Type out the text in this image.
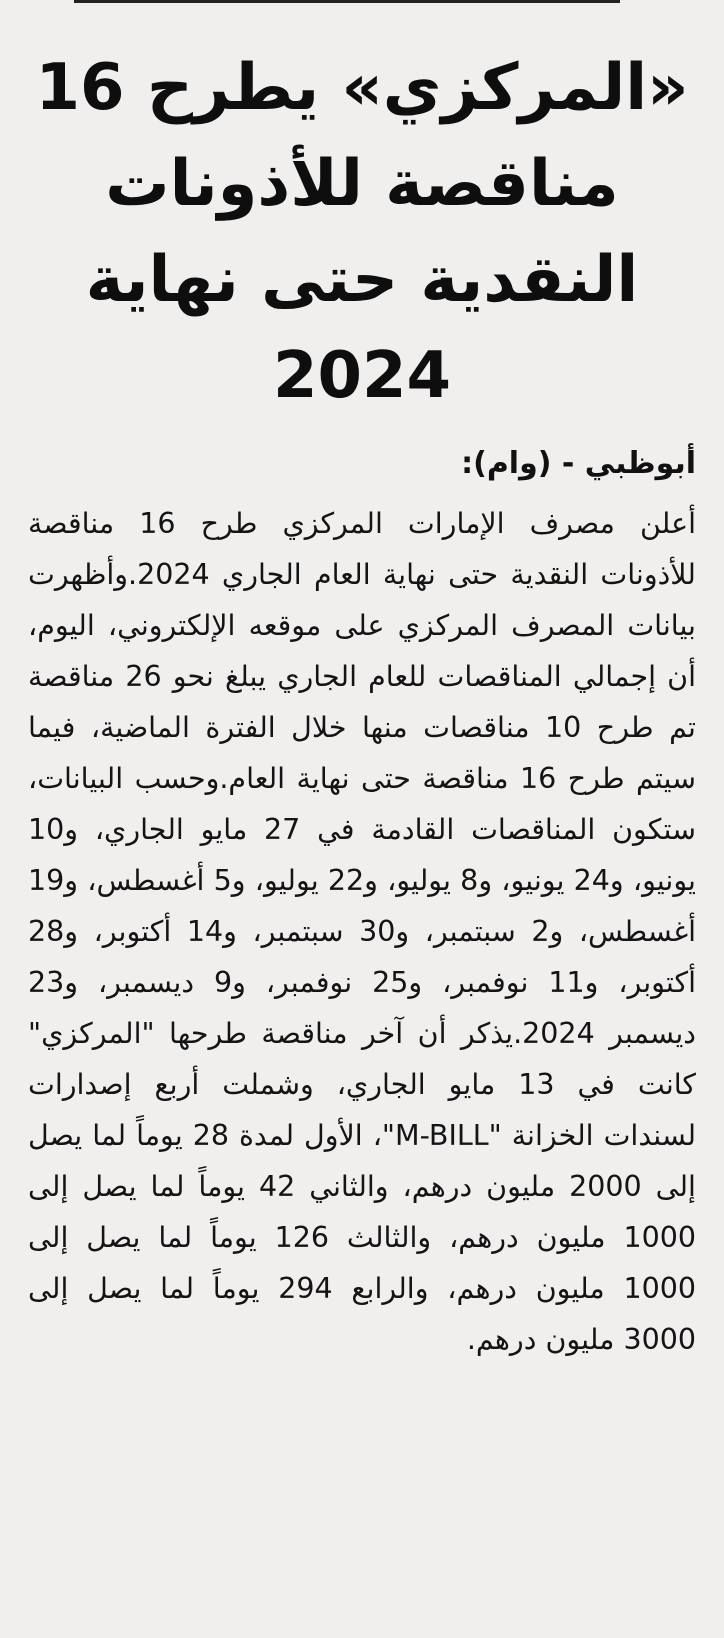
«المركزي» يطرح 16 مناقصة للأذونات النقدية حتى نهاية 2024
أبوظبي - (وام):

أعلن مصرف الإمارات المركزي طرح 16 مناقصة للأذونات النقدية حتى نهاية العام الجاري 2024.وأظهرت بيانات المصرف المركزي على موقعه الإلكتروني، اليوم، أن إجمالي المناقصات للعام الجاري يبلغ نحو 26 مناقصة تم طرح 10 مناقصات منها خلال الفترة الماضية، فيما سيتم طرح 16 مناقصة حتى نهاية العام.وحسب البيانات، ستكون المناقصات القادمة في 27 مايو الجاري، و10 يونيو، و24 يونيو، و8 يوليو، و22 يوليو، و5 أغسطس، و19 أغسطس، و2 سبتمبر، و30 سبتمبر، و14 أكتوبر، و28 أكتوبر، و11 نوفمبر، و25 نوفمبر، و9 ديسمبر، و23 ديسمبر 2024.يذكر أن آخر مناقصة طرحها "المركزي" كانت في 13 مايو الجاري، وشملت أربع إصدارات لسندات الخزانة "M-BILL"، الأول لمدة 28 يوماً لما يصل إلى 2000 مليون درهم، والثاني 42 يوماً لما يصل إلى 1000 مليون درهم، والثالث 126 يوماً لما يصل إلى 1000 مليون درهم، والرابع 294 يوماً لما يصل إلى 3000 مليون درهم.
